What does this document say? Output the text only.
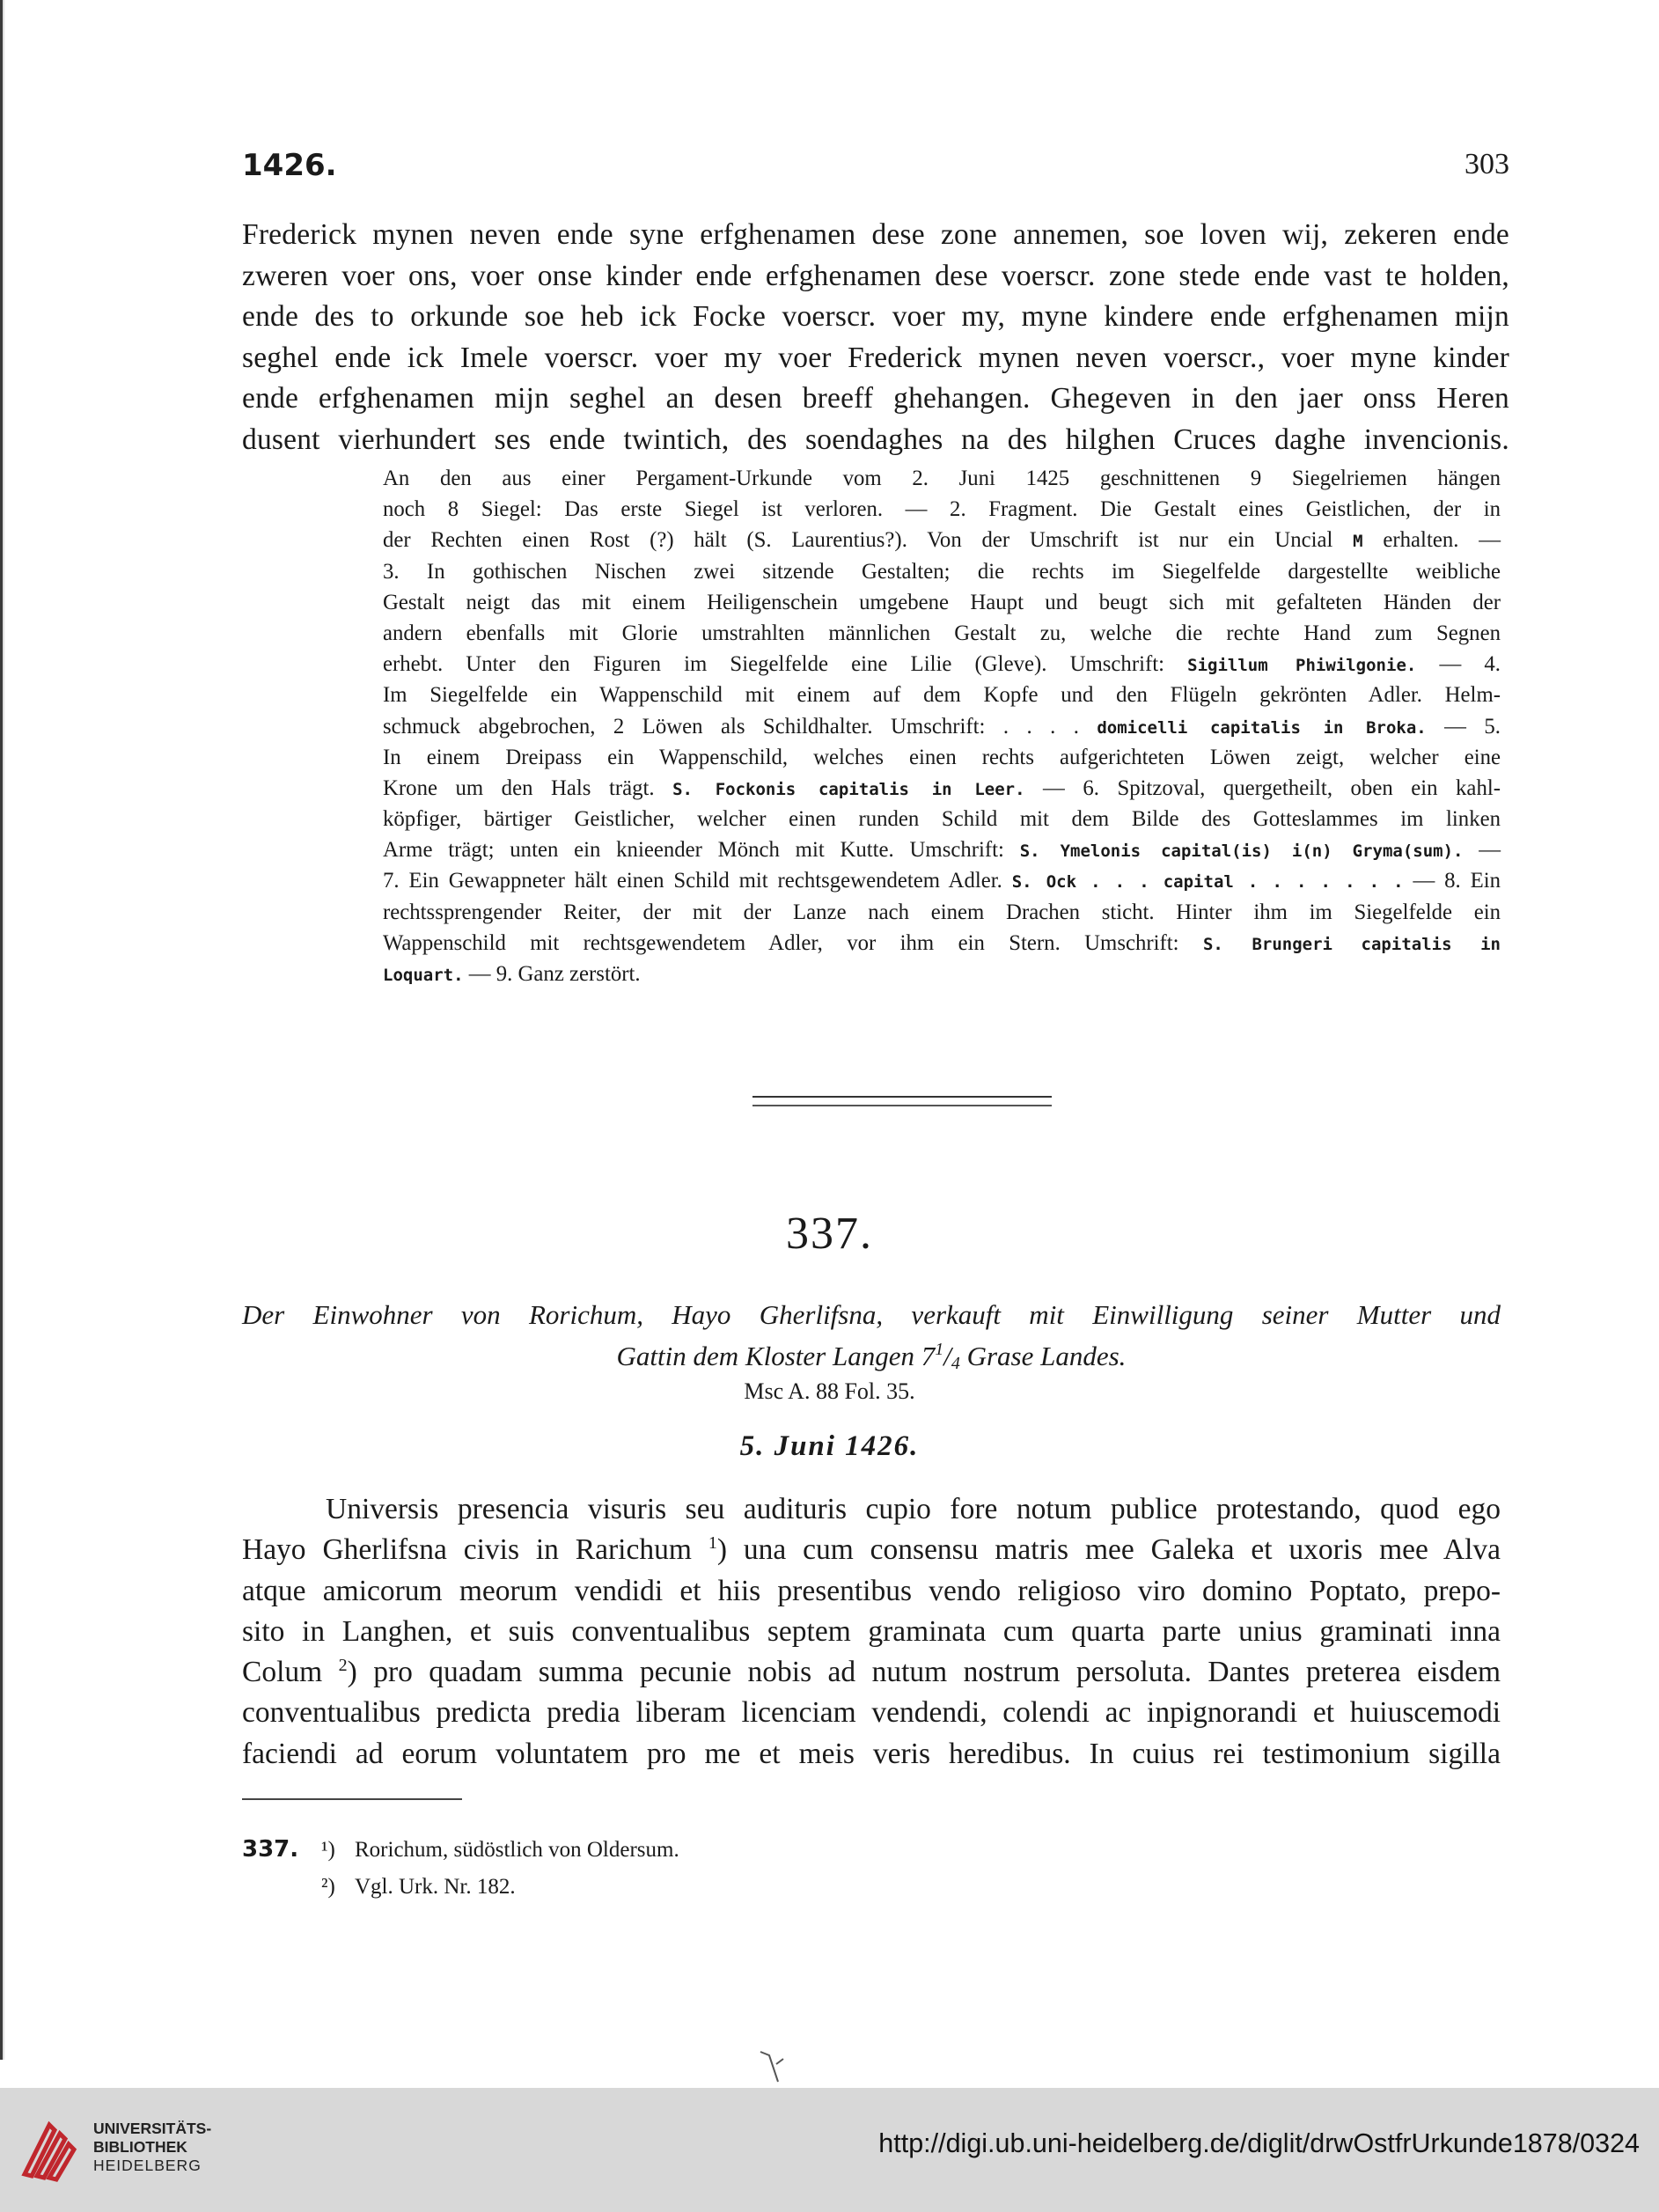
1426.	303
Frederick mynen neven ende syne erfghenamen dese zone annemen, soe loven wij, zekeren ende
zweren voer ons, voer onse kinder ende erfghenamen dese voerscr. zone stede ende vast te holden,
ende des to orkunde soe heb ick Focke voerscr. voer my, myne kindere ende erfghenamen mijn
seghel ende ick Imele voerscr. voer my voer Frederick mynen neven voerscr., voer myne kinder
ende erfghenamen mijn seghel an desen breeff ghehangen. Ghegeven in den jaer onss Heren
dusent vierhundert ses ende twintich, des soendaghes na des hilghen Cruces daghe invencionis.
An den aus einer Pergament-Urkunde vom 2. Juni 1425 geschnittenen 9 Siegelriemen hängen
noch 8 Siegel: Das erste Siegel ist verloren. — 2. Fragment. Die Gestalt eines Geistlichen, der in
der Rechten einen Rost (?) hält (S. Laurentius?). Von der Umschrift ist nur ein Uncial M erhalten. —
3. In gothischen Nischen zwei sitzende Gestalten; die rechts im Siegelfelde dargestellte weibliche
Gestalt neigt das mit einem Heiligenschein umgebene Haupt und beugt sich mit gefalteten Händen der
andern ebenfalls mit Glorie umstrahlten männlichen Gestalt zu, welche die rechte Hand zum Segnen
erhebt. Unter den Figuren im Siegelfelde eine Lilie (Gleve). Umschrift: Sigillum Phiwilgonie. — 4.
Im Siegelfelde ein Wappenschild mit einem auf dem Kopfe und den Flügeln gekrönten Adler. Helm-
schmuck abgebrochen, 2 Löwen als Schildhalter. Umschrift: . . . . domicelli capitalis in Broka. — 5.
In einem Dreipass ein Wappenschild, welches einen rechts aufgerichteten Löwen zeigt, welcher eine
Krone um den Hals trägt. S. Fockonis capitalis in Leer. — 6. Spitzoval, quergetheilt, oben ein kahl-
köpfiger, bärtiger Geistlicher, welcher einen runden Schild mit dem Bilde des Gotteslammes im linken
Arme trägt; unten ein knieender Mönch mit Kutte. Umschrift: S. Ymelonis capital(is) i(n) Gryma(sum). —
7. Ein Gewappneter hält einen Schild mit rechtsgewendetem Adler. S. Ock . . . capital . . . . . . . — 8. Ein
rechtssprengender Reiter, der mit der Lanze nach einem Drachen sticht. Hinter ihm im Siegelfelde ein
Wappenschild mit rechtsgewendetem Adler, vor ihm ein Stern. Umschrift: S. Brungeri capitalis in
Loquart. — 9. Ganz zerstört.
337.
Der Einwohner von Rorichum, Hayo Gherlifsna, verkauft mit Einwilligung seiner Mutter und
Gattin dem Kloster Langen $7^1/4$ Grase Landes.
Msc A. 88 Fol. 35.
5. Juni 1426.
Universis presencia visuris seu audituris cupio fore notum publice protestando, quod ego
Hayo Gherlifsna civis in Rarichum $^1$) una cum consensu matris mee Galeka et uxoris mee Alva
atque amicorum meorum vendidi et hiis presentibus vendo religioso viro domino Poptato, prepo-
sito in Langhen, et suis conventualibus septem graminata cum quarta parte unius graminati inna
Colum $^2$) pro quadam summa pecunie nobis ad nutum nostrum persoluta. Dantes preterea eisdem
conventualibus predicta predia liberam licenciam vendendi, colendi ac inpignorandi et huiuscemodi
faciendi ad eorum voluntatem pro me et meis veris heredibus. In cuius rei testimonium sigilla
337. ¹) Rorichum, südöstlich von Oldersum.
²) Vgl. Urk. Nr. 182.
UNIVERSITÄTS-
BIBLIOTHEK
HEIDELBERG
http://digi.ub.uni-heidelberg.de/diglit/drwOstfrUrkunde1878/0324
